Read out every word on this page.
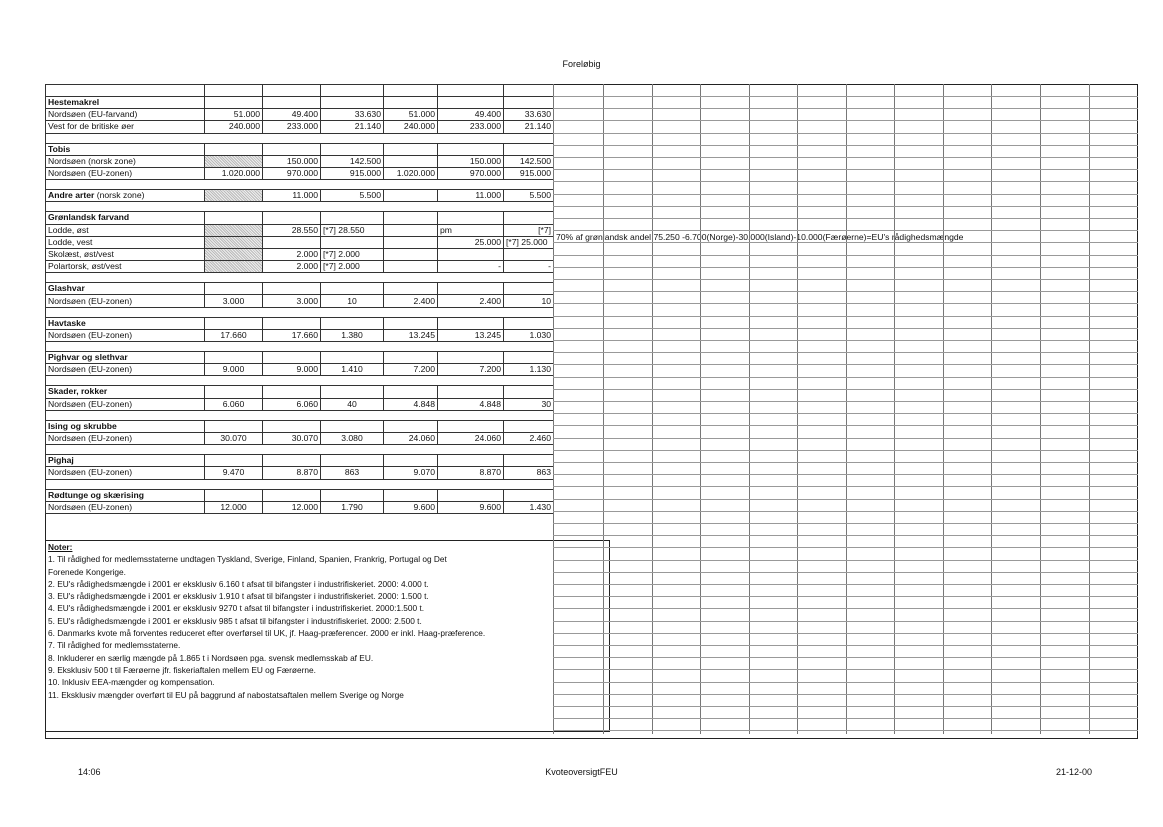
Foreløbig
70% af grønlandsk andel 75.250 -6.700(Norge)-30.000(Island)-10.000(Færøerne)=EU's rådighedsmængde

Hestemakrel						
Nordsøen (EU-farvand)	51.000	49.400	33.630	51.000	49.400	33.630
Vest for de britiske øer	240.000	233.000	21.140	240.000	233.000	21.140

Tobis						
Nordsøen (norsk zone)		150.000	142.500		150.000	142.500
Nordsøen (EU-zonen)	1.020.000	970.000	915.000	1.020.000	970.000	915.000

Andre arter (norsk zone)		11.000	5.500		11.000	5.500

Grønlandsk farvand						
Lodde, øst		28.550	[*7] 28.550		pm	[*7]
Lodde, vest					25.000	[*7] 25.000
Skolæst, øst/vest		2.000	[*7] 2.000			
Polartorsk, øst/vest		2.000	[*7] 2.000		-	-

Glashvar						
Nordsøen (EU-zonen)	3.000	3.000	10	2.400	2.400	10

Havtaske						
Nordsøen (EU-zonen)	17.660	17.660	1.380	13.245	13.245	1.030

Pighvar og slethvar						
Nordsøen (EU-zonen)	9.000	9.000	1.410	7.200	7.200	1.130

Skader, rokker						
Nordsøen (EU-zonen)	6.060	6.060	40	4.848	4.848	30

Ising og skrubbe						
Nordsøen (EU-zonen)	30.070	30.070	3.080	24.060	24.060	2.460

Pighaj						
Nordsøen (EU-zonen)	9.470	8.870	863	9.070	8.870	863

Rødtunge og skærising						
Nordsøen (EU-zonen)	12.000	12.000	1.790	9.600	9.600	1.430
Noter:
1. Til rådighed for medlemsstaterne undtagen Tyskland, Sverige, Finland, Spanien, Frankrig, Portugal og Det
Forenede Kongerige.
2. EU's rådighedsmængde i 2001 er eksklusiv 6.160 t afsat til bifangster i industrifiskeriet. 2000: 4.000 t.
3. EU's rådighedsmængde i 2001 er eksklusiv 1.910 t afsat til bifangster i industrifiskeriet. 2000: 1.500 t.
4. EU's rådighedsmængde i 2001 er eksklusiv 9270 t afsat til bifangster i industrifiskeriet. 2000:1.500 t.
5. EU's rådighedsmængde i 2001 er eksklusiv 985 t afsat til bifangster i industrifiskeriet. 2000: 2.500 t.
6. Danmarks kvote må forventes reduceret efter overførsel til UK, jf. Haag-præferencer. 2000 er inkl. Haag-præference.
7. Til rådighed for medlemsstaterne.
8. Inkluderer en særlig mængde på 1.865 t i Nordsøen pga. svensk medlemsskab af EU.
9. Eksklusiv 500 t til Færøerne jfr. fiskeriaftalen mellem EU og Færøerne.
10. Inklusiv EEA-mængder og kompensation.
11. Eksklusiv mængder overført til EU på baggrund af nabostatsaftalen mellem Sverige og Norge
14:06	KvoteoversigtFEU	21-12-00
